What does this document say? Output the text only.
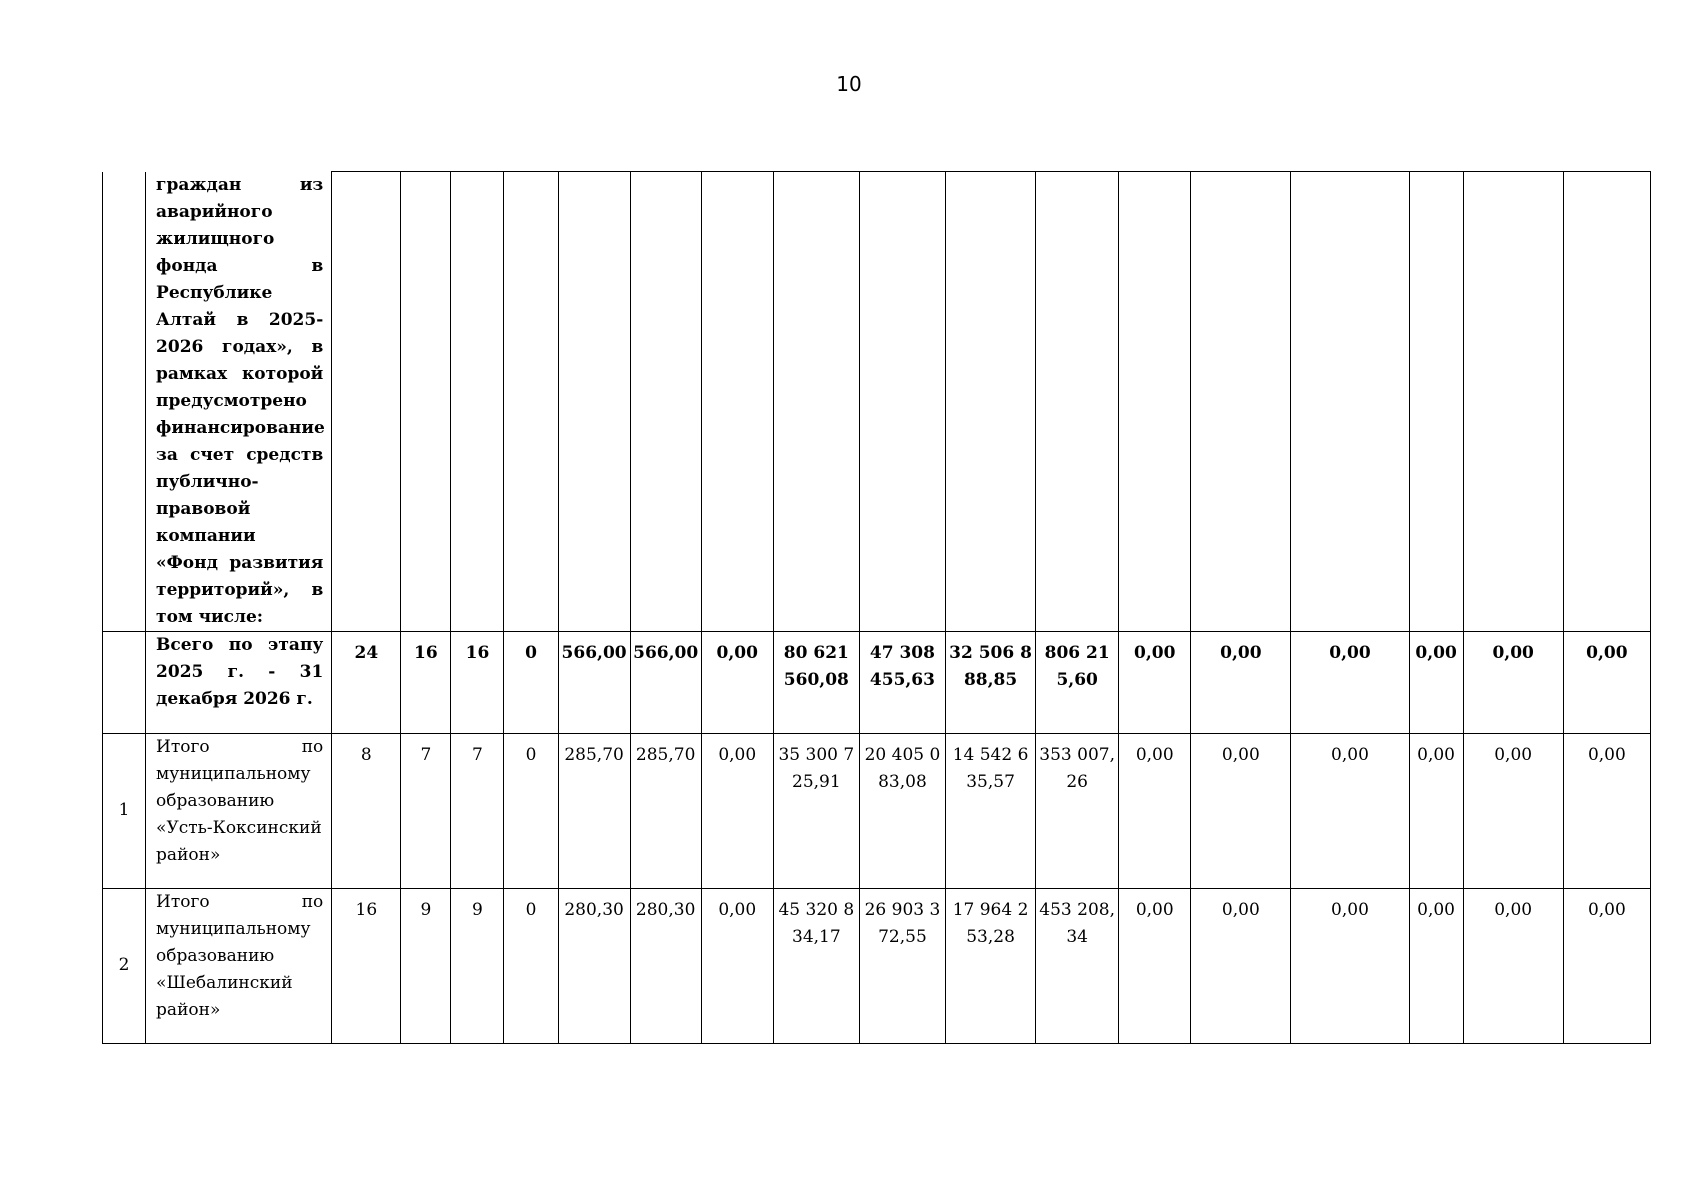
10
	граждан из аварийного жилищного фонда в Республике Алтай в 2025-2026 годах», в рамках которой предусмотрено финансирование за счет средств публично-правовой компании «Фонд развития территорий», в том числе:																	
	Всего по этапу 2025 г. - 31 декабря 2026 г.	24	16	16	0	566,00	566,00	0,00	80 621 560,08	47 308 455,63	32 506 888,85	806 215,60	0,00	0,00	0,00	0,00	0,00	0,00
1	Итого по муниципальному образованию «Усть-Коксинский район»	8	7	7	0	285,70	285,70	0,00	35 300 725,91	20 405 083,08	14 542 635,57	353 007,26	0,00	0,00	0,00	0,00	0,00	0,00
2	Итого по муниципальному образованию «Шебалинский район»	16	9	9	0	280,30	280,30	0,00	45 320 834,17	26 903 372,55	17 964 253,28	453 208,34	0,00	0,00	0,00	0,00	0,00	0,00
